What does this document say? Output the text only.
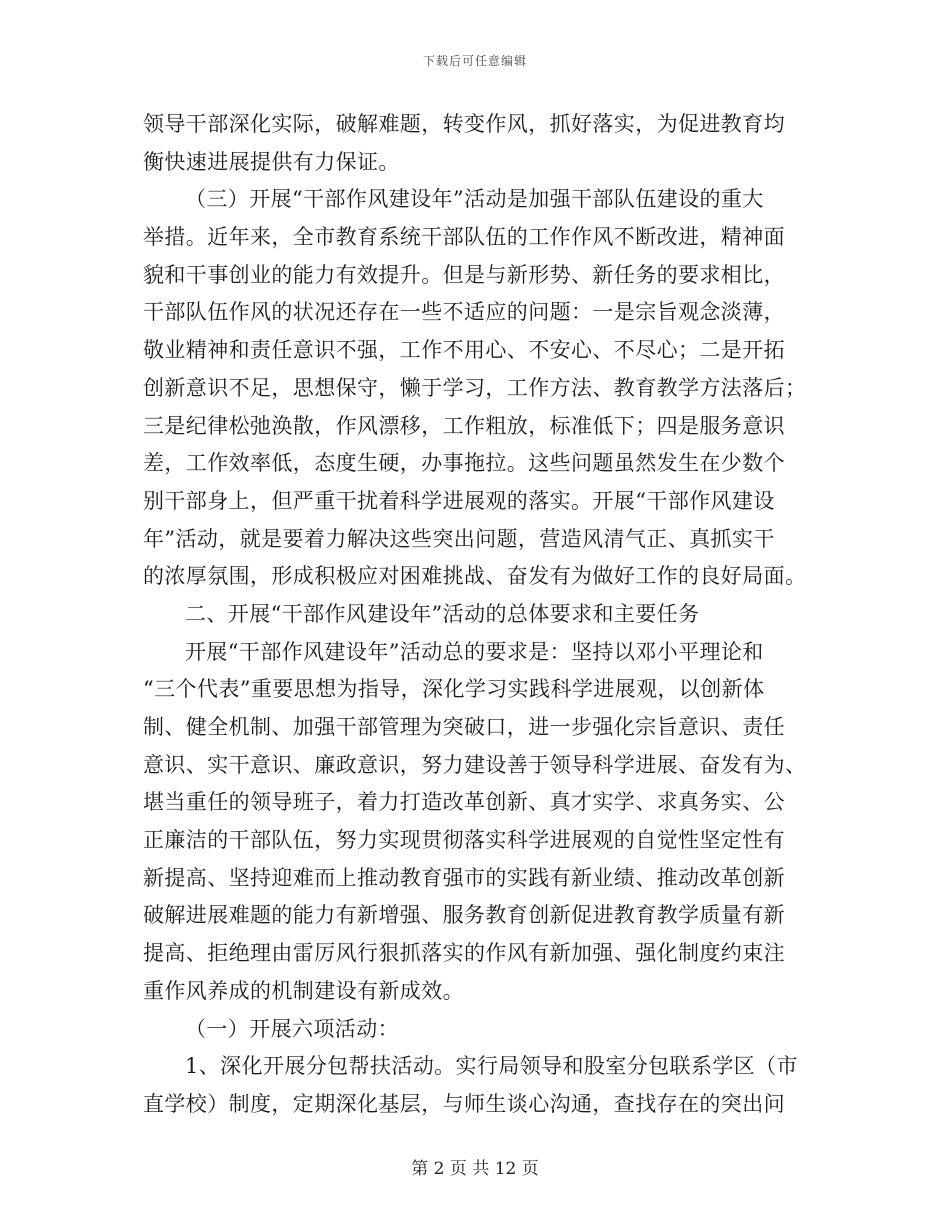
下载后可任意编辑
领导干部深化实际，破解难题，转变作风，抓好落实，为促进教育均
衡快速进展提供有力保证。
（三）开展“干部作风建设年”活动是加强干部队伍建设的重大
举措。近年来，全市教育系统干部队伍的工作作风不断改进，精神面
貌和干事创业的能力有效提升。但是与新形势、新任务的要求相比，
干部队伍作风的状况还存在一些不适应的问题：一是宗旨观念淡薄，
敬业精神和责任意识不强，工作不用心、不安心、不尽心；二是开拓
创新意识不足，思想保守，懒于学习，工作方法、教育教学方法落后；
三是纪律松弛涣散，作风漂移，工作粗放，标准低下；四是服务意识
差，工作效率低，态度生硬，办事拖拉。这些问题虽然发生在少数个
别干部身上，但严重干扰着科学进展观的落实。开展“干部作风建设
年”活动，就是要着力解决这些突出问题，营造风清气正、真抓实干
的浓厚氛围，形成积极应对困难挑战、奋发有为做好工作的良好局面。
二、开展“干部作风建设年”活动的总体要求和主要任务
开展“干部作风建设年”活动总的要求是：坚持以邓小平理论和
“三个代表”重要思想为指导，深化学习实践科学进展观，以创新体
制、健全机制、加强干部管理为突破口，进一步强化宗旨意识、责任
意识、实干意识、廉政意识，努力建设善于领导科学进展、奋发有为、
堪当重任的领导班子，着力打造改革创新、真才实学、求真务实、公
正廉洁的干部队伍，努力实现贯彻落实科学进展观的自觉性坚定性有
新提高、坚持迎难而上推动教育强市的实践有新业绩、推动改革创新
破解进展难题的能力有新增强、服务教育创新促进教育教学质量有新
提高、拒绝理由雷厉风行狠抓落实的作风有新加强、强化制度约束注
重作风养成的机制建设有新成效。
（一）开展六项活动：
1、深化开展分包帮扶活动。实行局领导和股室分包联系学区（市
直学校）制度，定期深化基层，与师生谈心沟通，查找存在的突出问
第 2 页 共 12 页
